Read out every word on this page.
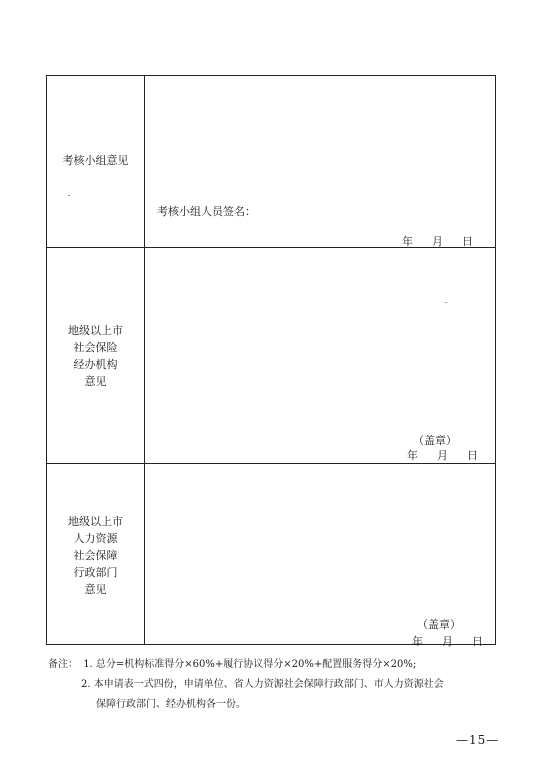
考核小组意见
考核小组人员签名：
年 月 日
地级以上市
社会保险
经办机构
意见
（盖章）
年 月 日
地级以上市
人力资源
社会保障
行政部门
意见
（盖章）
年 月 日
备注： 1. 总分=机构标准得分×60%+履行协议得分×20%+配置服务得分×20%;
2. 本申请表一式四份，申请单位、省人力资源社会保障行政部门、市人力资源社会
保障行政部门、经办机构各一份。
—15—
